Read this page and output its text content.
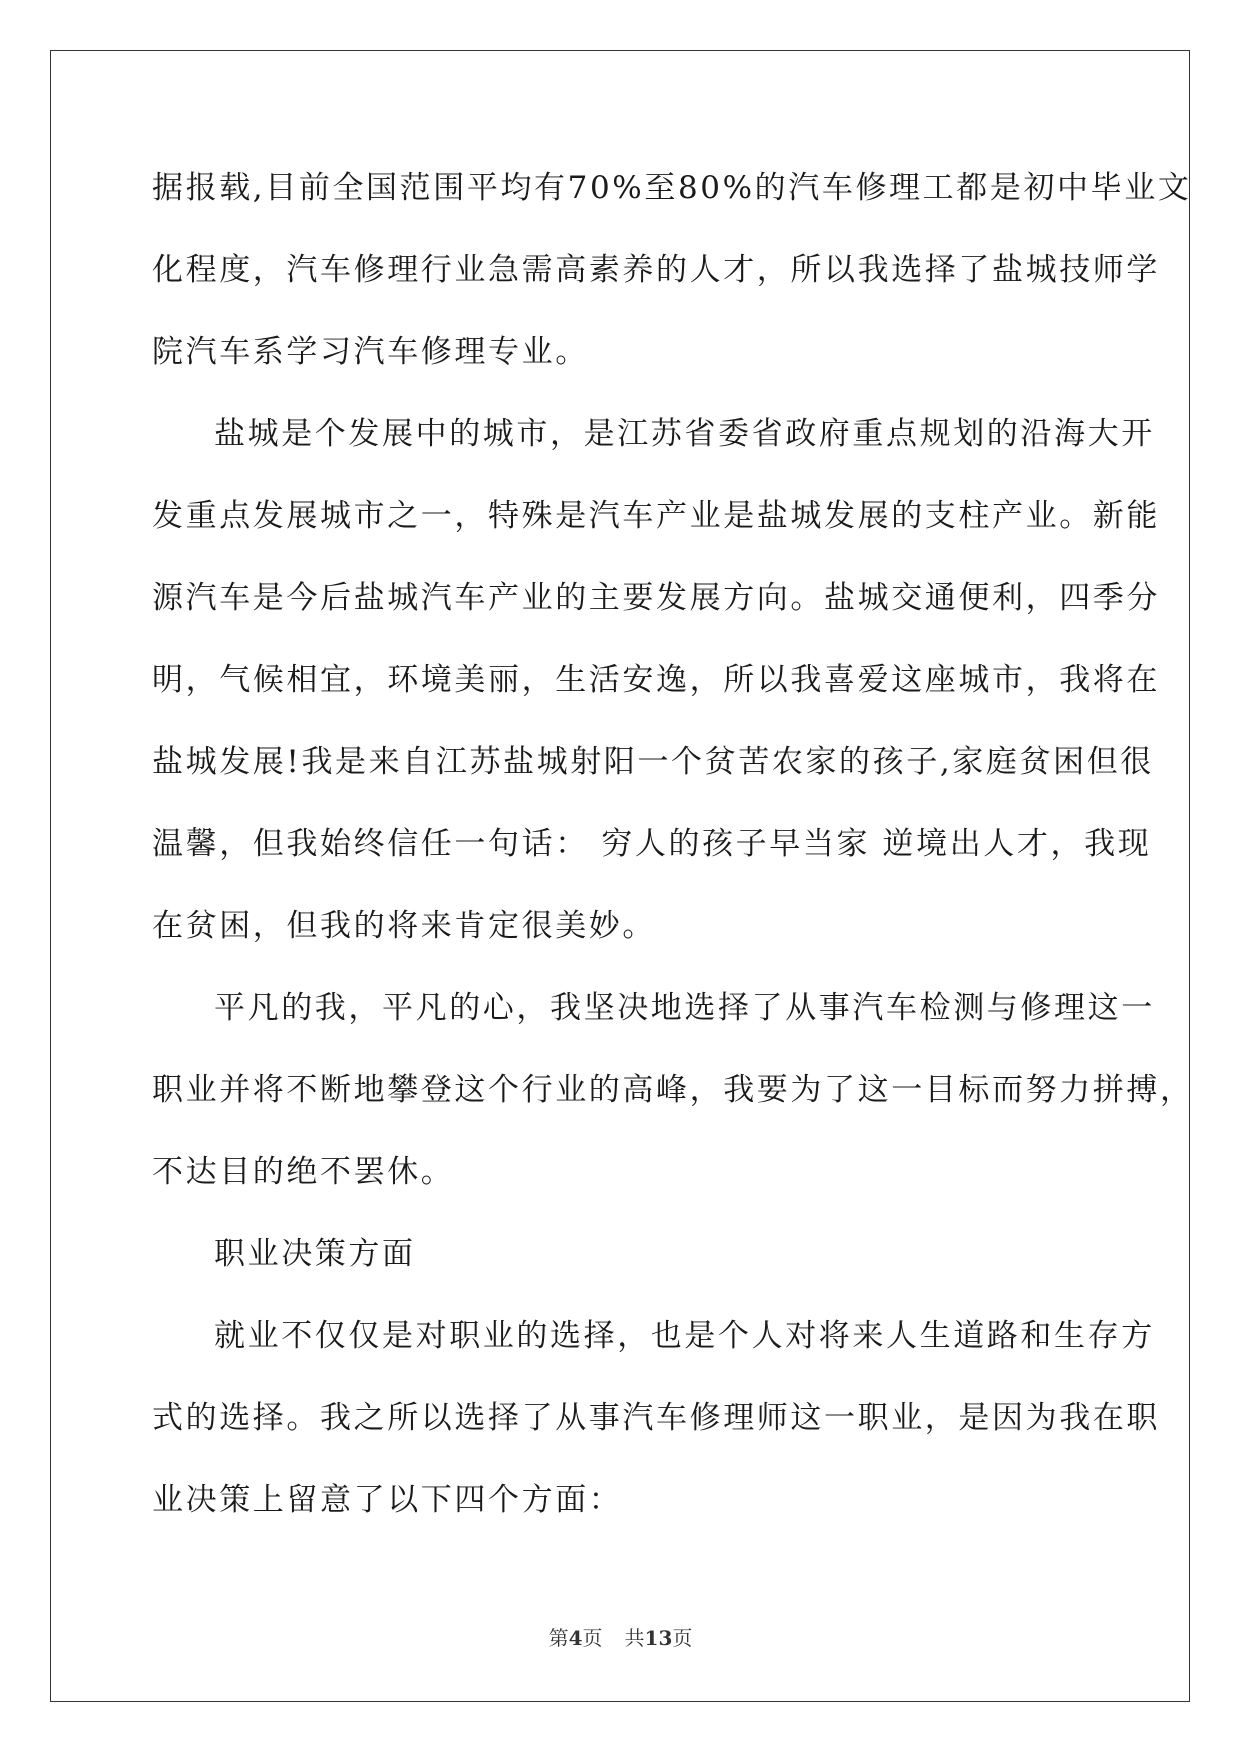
据报载,目前全国范围平均有70%至80%的汽车修理工都是初中毕业文
化程度，汽车修理行业急需高素养的人才，所以我选择了盐城技师学
院汽车系学习汽车修理专业。
盐城是个发展中的城市，是江苏省委省政府重点规划的沿海大开
发重点发展城市之一，特殊是汽车产业是盐城发展的支柱产业。新能
源汽车是今后盐城汽车产业的主要发展方向。盐城交通便利，四季分
明，气候相宜，环境美丽，生活安逸，所以我喜爱这座城市，我将在
盐城发展!我是来自江苏盐城射阳一个贫苦农家的孩子,家庭贫困但很
温馨，但我始终信任一句话： 穷人的孩子早当家 逆境出人才，我现
在贫困，但我的将来肯定很美妙。
平凡的我，平凡的心，我坚决地选择了从事汽车检测与修理这一
职业并将不断地攀登这个行业的高峰，我要为了这一目标而努力拼搏，
不达目的绝不罢休。
职业决策方面
就业不仅仅是对职业的选择，也是个人对将来人生道路和生存方
式的选择。我之所以选择了从事汽车修理师这一职业，是因为我在职
业决策上留意了以下四个方面：
第4页 共13页
